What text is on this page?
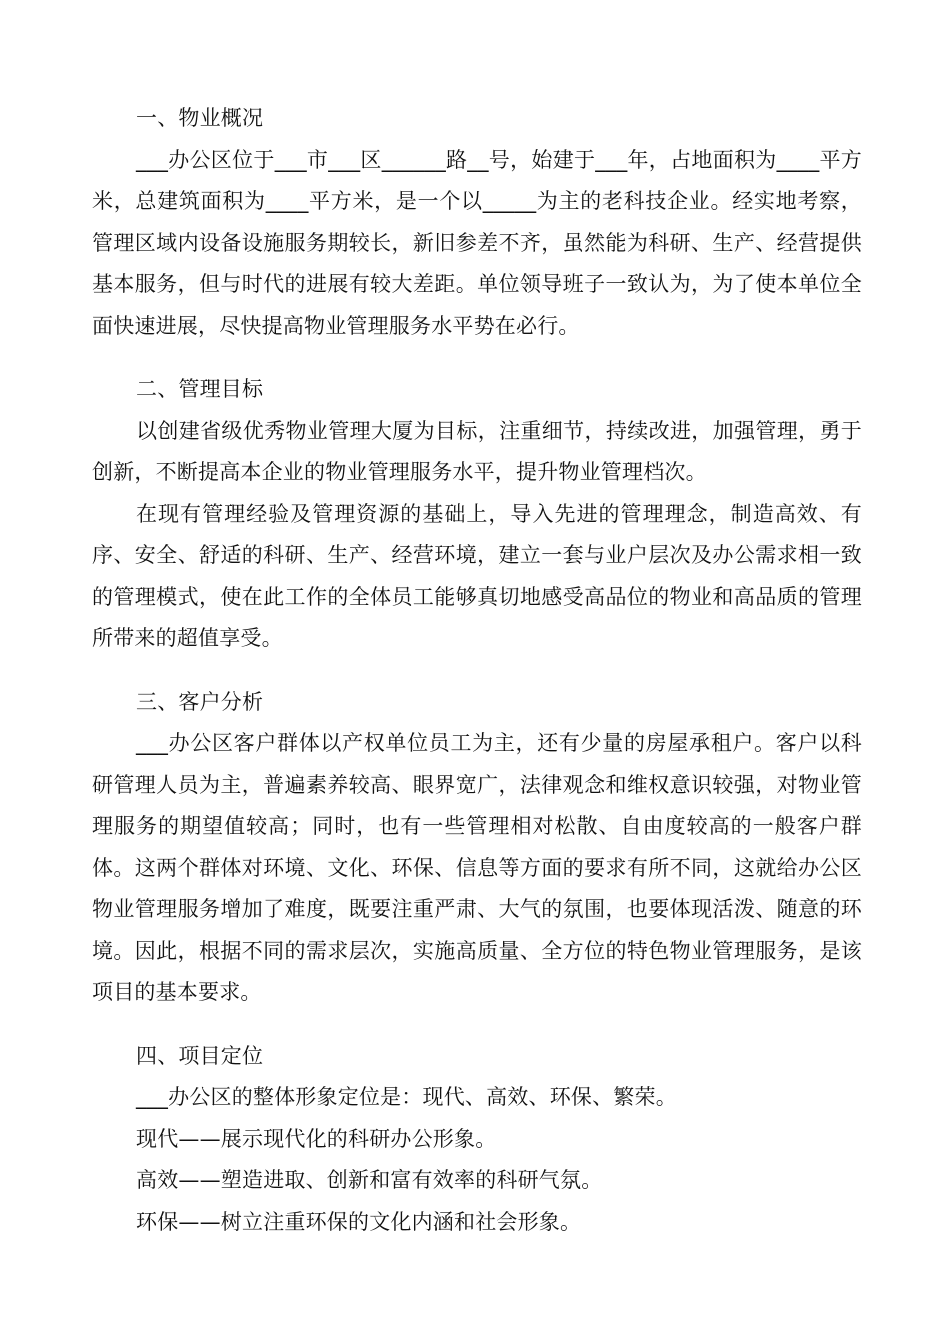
一、物业概况

___办公区位于___市___区______路__号，始建于___年，占地面积为____平方米，总建筑面积为____平方米，是一个以_____为主的老科技企业。经实地考察，管理区域内设备设施服务期较长，新旧参差不齐，虽然能为科研、生产、经营提供基本服务，但与时代的进展有较大差距。单位领导班子一致认为，为了使本单位全面快速进展，尽快提高物业管理服务水平势在必行。

二、管理目标

以创建省级优秀物业管理大厦为目标，注重细节，持续改进，加强管理，勇于创新，不断提高本企业的物业管理服务水平，提升物业管理档次。

在现有管理经验及管理资源的基础上，导入先进的管理理念，制造高效、有序、安全、舒适的科研、生产、经营环境，建立一套与业户层次及办公需求相一致的管理模式，使在此工作的全体员工能够真切地感受高品位的物业和高品质的管理所带来的超值享受。

三、客户分析

___办公区客户群体以产权单位员工为主，还有少量的房屋承租户。客户以科研管理人员为主，普遍素养较高、眼界宽广，法律观念和维权意识较强，对物业管理服务的期望值较高；同时，也有一些管理相对松散、自由度较高的一般客户群体。这两个群体对环境、文化、环保、信息等方面的要求有所不同，这就给办公区物业管理服务增加了难度，既要注重严肃、大气的氛围，也要体现活泼、随意的环境。因此，根据不同的需求层次，实施高质量、全方位的特色物业管理服务，是该项目的基本要求。

四、项目定位

___办公区的整体形象定位是：现代、高效、环保、繁荣。

现代——展示现代化的科研办公形象。

高效——塑造进取、创新和富有效率的科研气氛。

环保——树立注重环保的文化内涵和社会形象。
